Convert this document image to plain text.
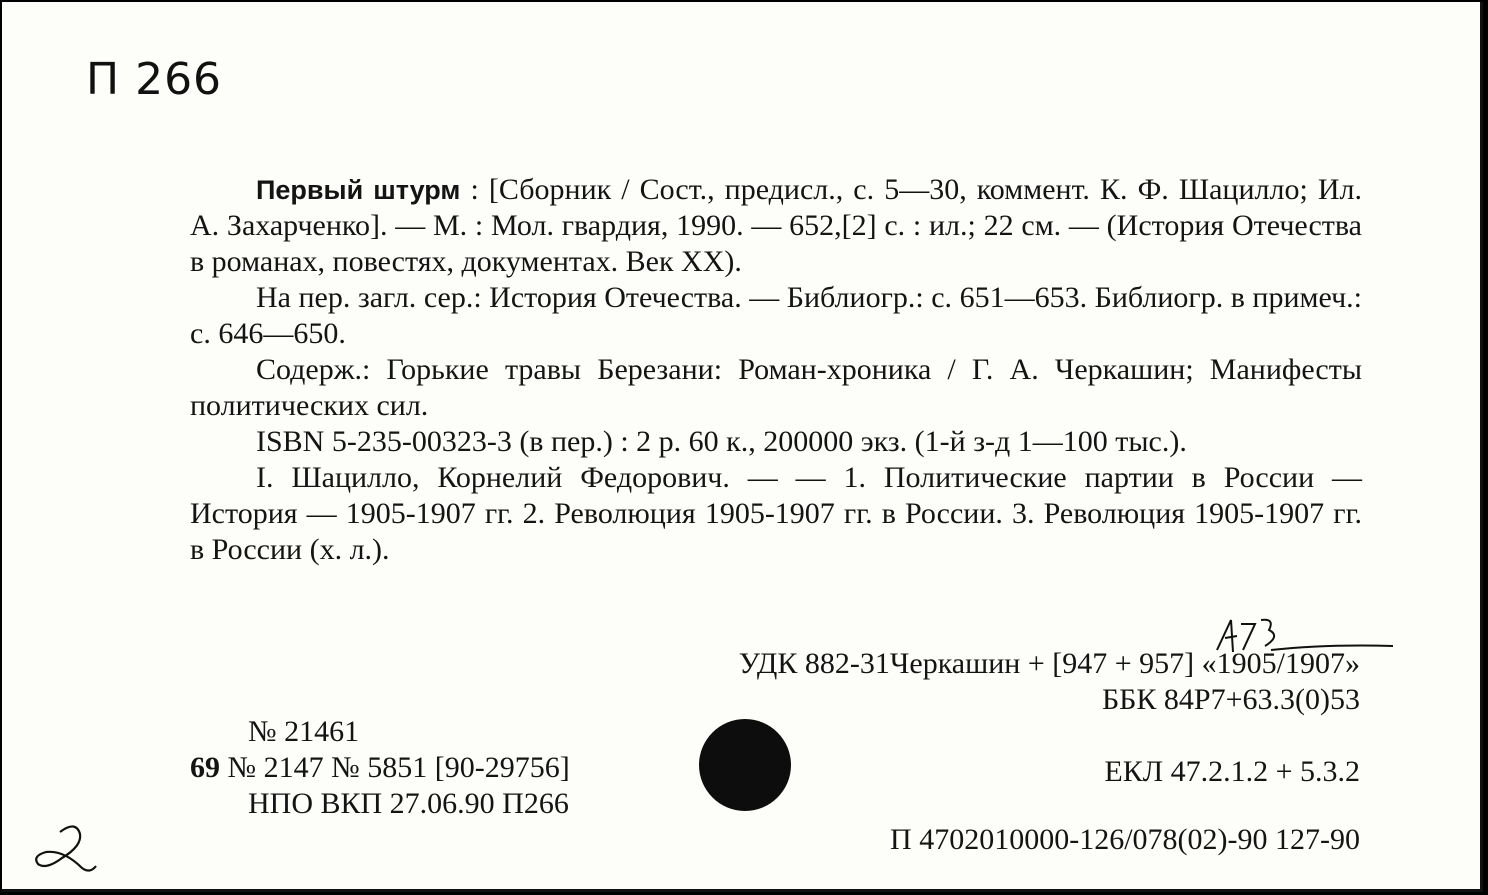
П 266

Первый штурм : [Сборник / Сост., предисл., с. 5—30, коммент. К. Ф. Шацилло; Ил. А. Захарченко]. — М. : Мол. гвардия, 1990. — 652,[2] с. : ил.; 22 см. — (История Отечества в романах, повестях, документах. Век XX).

На пер. загл. сер.: История Отечества. — Библиогр.: с. 651—653. Библиогр. в примеч.: с. 646—650.

Содерж.: Горькие травы Березани: Роман-хроника / Г. А. Черкашин; Манифесты политических сил.

ISBN 5-235-00323-3 (в пер.) : 2 р. 60 к., 200000 экз. (1-й з-д 1—100 тыс.).

I. Шацилло, Корнелий Федорович. — — 1. Политические партии в России — История — 1905-1907 гг. 2. Революция 1905-1907 гг. в России. 3. Революция 1905-1907 гг. в России (х. л.).

УДК 882-31Черкашин + [947 + 957] «1905/1907»
ББК 84Р7+63.3(0)53
№ 21461
69 № 2147 № 5851 [90-29756]
НПО ВКП 27.06.90 П266
ЕКЛ 47.2.1.2 + 5.3.2
П 4702010000-126/078(02)-90 127-90
